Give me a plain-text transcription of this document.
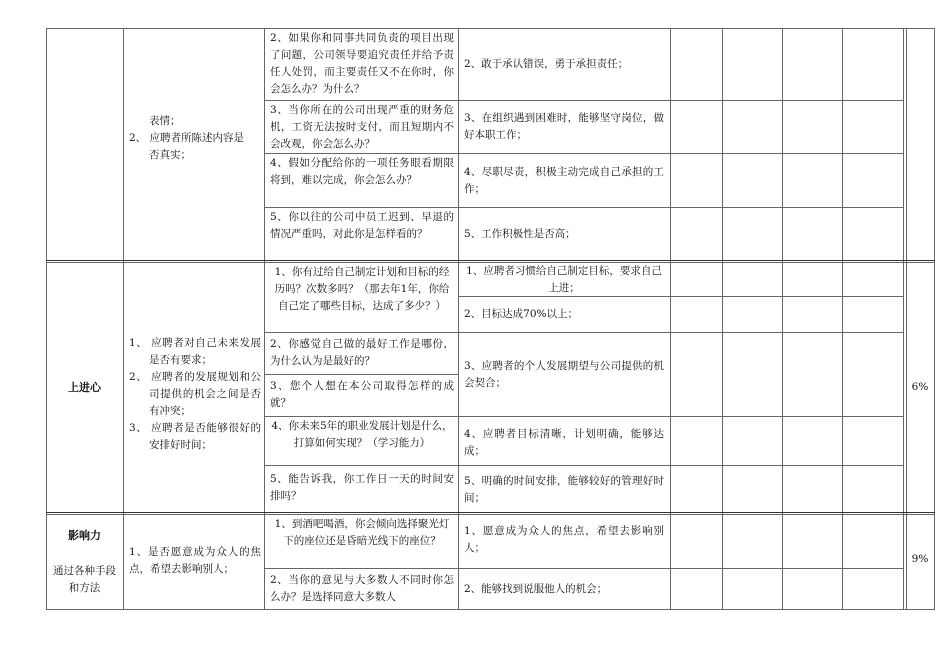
表情；
2、 应聘者所陈述内容是
否真实；
2、如果你和同事共同负责的项目出现了问题，公司领导要追究责任并给予责任人处罚，而主要责任又不在你时，你会怎么办？为什么？
3、当你所在的公司出现严重的财务危机，工资无法按时支付，而且短期内不会改观，你会怎么办？
4、假如分配给你的一项任务眼看期限将到，难以完成，你会怎么办？
5、你以往的公司中员工迟到、早退的情况严重吗，对此你是怎样看的？
2、敢于承认错误，勇于承担责任；
3、在组织遇到困难时，能够坚守岗位，做好本职工作；
4、尽职尽责，积极主动完成自己承担的工作；
5、工作积极性是否高；
上进心
1、 应聘者对自己未来发展是否有要求；
2、 应聘者的发展规划和公司提供的机会之间是否有冲突；
3、 应聘者是否能够很好的安排好时间；
1、你有过给自己制定计划和目标的经历吗？次数多吗？（那去年1年，你给自己定了哪些目标，达成了多少？）
2、你感觉自己做的最好工作是哪份，为什么认为是最好的？
3、您个人想在本公司取得怎样的成就？
4、你未来5年的职业发展计划是什么，打算如何实现？（学习能力）
5、能告诉我，你工作日一天的时间安排吗？
1、应聘者习惯给自己制定目标，要求自己上进；
2、目标达成70%以上；
3、应聘者的个人发展期望与公司提供的机会契合；
4、应聘者目标清晰，计划明确，能够达成；
5、明确的时间安排，能够较好的管理好时间；
6%
影响力
通过各种手段和方法
1、是否愿意成为众人的焦点，希望去影响别人；
1、到酒吧喝酒，你会倾向选择聚光灯下的座位还是昏暗光线下的座位？
2、当你的意见与大多数人不同时你怎么办？是选择同意大多数人
1、愿意成为众人的焦点，希望去影响别人；
2、能够找到说服他人的机会；
9%
